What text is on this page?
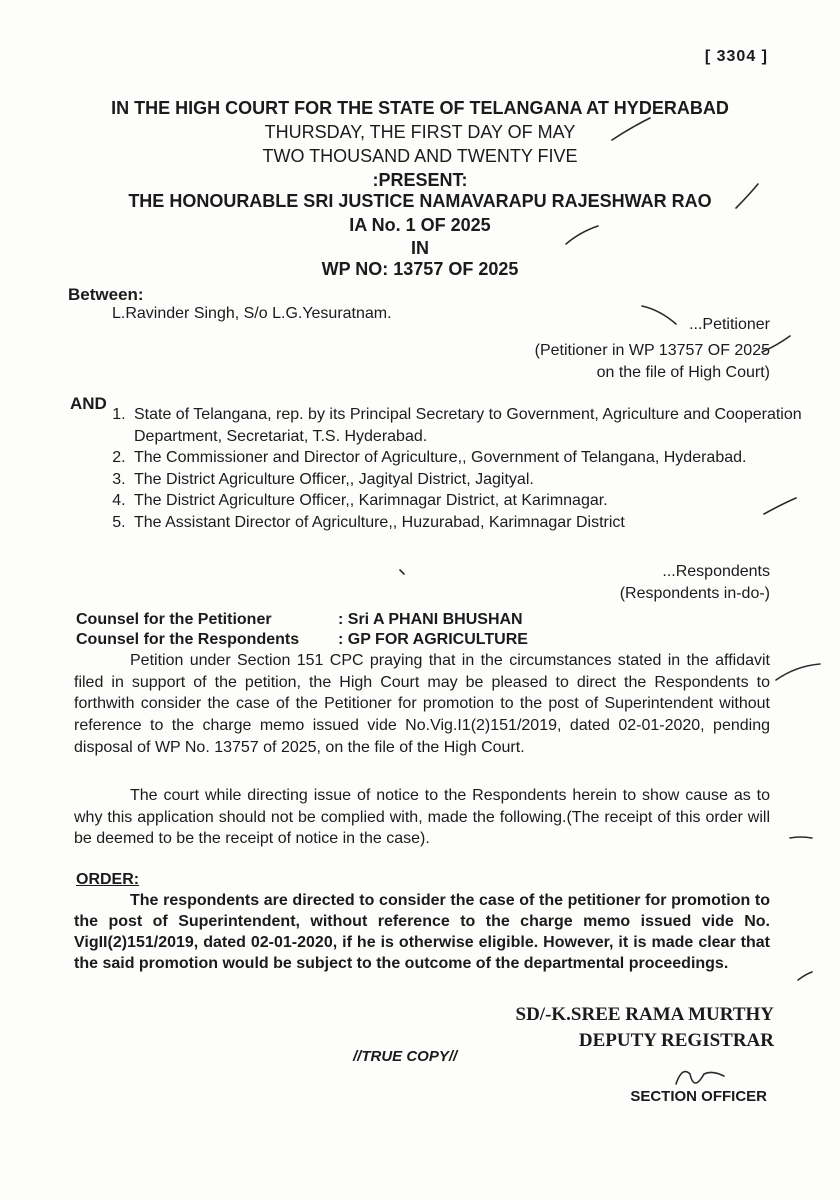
[ 3304 ]
IN THE HIGH COURT FOR THE STATE OF TELANGANA AT HYDERABAD
THURSDAY, THE FIRST DAY OF MAY
TWO THOUSAND AND TWENTY FIVE
:PRESENT:
THE HONOURABLE SRI JUSTICE NAMAVARAPU RAJESHWAR RAO
IA No. 1 OF 2025
IN
WP NO: 13757 OF 2025
Between:
L.Ravinder Singh, S/o L.G.Yesuratnam.
...Petitioner
(Petitioner in WP 13757 OF 2025
on the file of High Court)
AND
1. State of Telangana, rep. by its Principal Secretary to Government, Agriculture and Cooperation Department, Secretariat, T.S. Hyderabad.
2. The Commissioner and Director of Agriculture,, Government of Telangana, Hyderabad.
3. The District Agriculture Officer,, Jagityal District, Jagityal.
4. The District Agriculture Officer,, Karimnagar District, at Karimnagar.
5. The Assistant Director of Agriculture,, Huzurabad, Karimnagar District
...Respondents
(Respondents in-do-)
Counsel for the Petitioner	: Sri A PHANI BHUSHAN
Counsel for the Respondents : GP FOR AGRICULTURE

Petition under Section 151 CPC praying that in the circumstances stated in the affidavit filed in support of the petition, the High Court may be pleased to direct the Respondents to forthwith consider the case of the Petitioner for promotion to the post of Superintendent without reference to the charge memo issued vide No.Vig.I1(2)151/2019, dated 02-01-2020, pending disposal of WP No. 13757 of 2025, on the file of the High Court.

The court while directing issue of notice to the Respondents herein to show cause as to why this application should not be complied with, made the following.(The receipt of this order will be deemed to be the receipt of notice in the case).

ORDER:

The respondents are directed to consider the case of the petitioner for promotion to the post of Superintendent, without reference to the charge memo issued vide No. VigII(2)151/2019, dated 02-01-2020, if he is otherwise eligible. However, it is made clear that the said promotion would be subject to the outcome of the departmental proceedings.

SD/-K.SREE RAMA MURTHY
DEPUTY REGISTRAR
//TRUE COPY//
SECTION OFFICER
